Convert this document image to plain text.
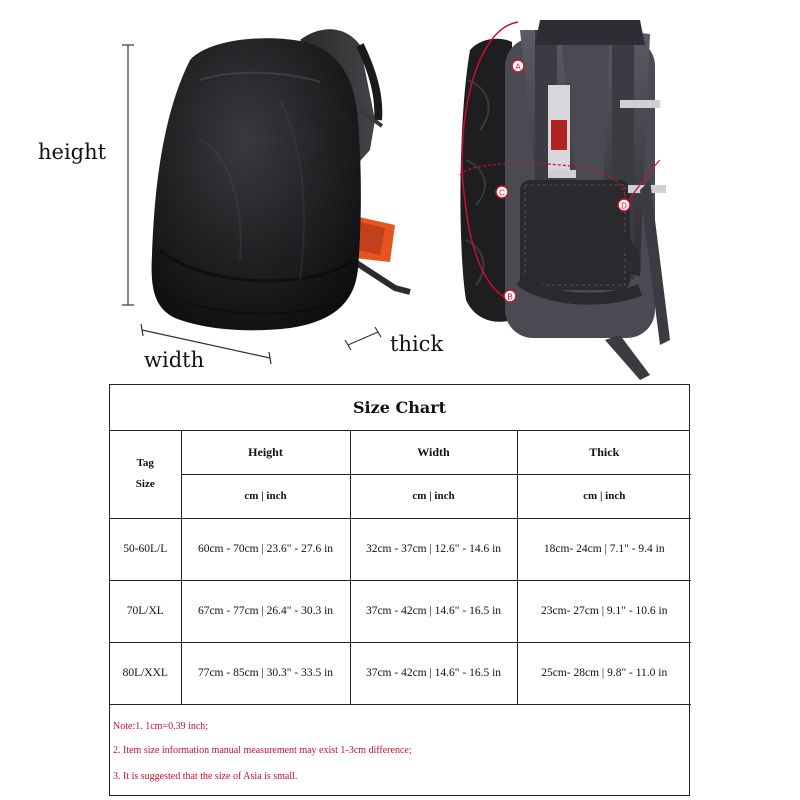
A
B
C
D
height
width
thick
Size Chart
Tag
Size	Height	Width	Thick
	cm | inch	cm | inch	cm | inch
50-60L/L	60cm - 70cm | 23.6" - 27.6 in	32cm - 37cm | 12.6" - 14.6 in	18cm- 24cm | 7.1" - 9.4 in
70L/XL	67cm - 77cm | 26.4" - 30.3 in	37cm - 42cm | 14.6" - 16.5 in	23cm- 27cm | 9.1" - 10.6 in
80L/XXL	77cm - 85cm | 30.3" - 33.5 in	37cm - 42cm | 14.6" - 16.5 in	25cm- 28cm | 9.8" - 11.0 in
Note:1. 1cm=0.39 inch;
2. Item size information manual measurement may exist 1-3cm difference;
3. It is suggested that the size of Asia is small.
